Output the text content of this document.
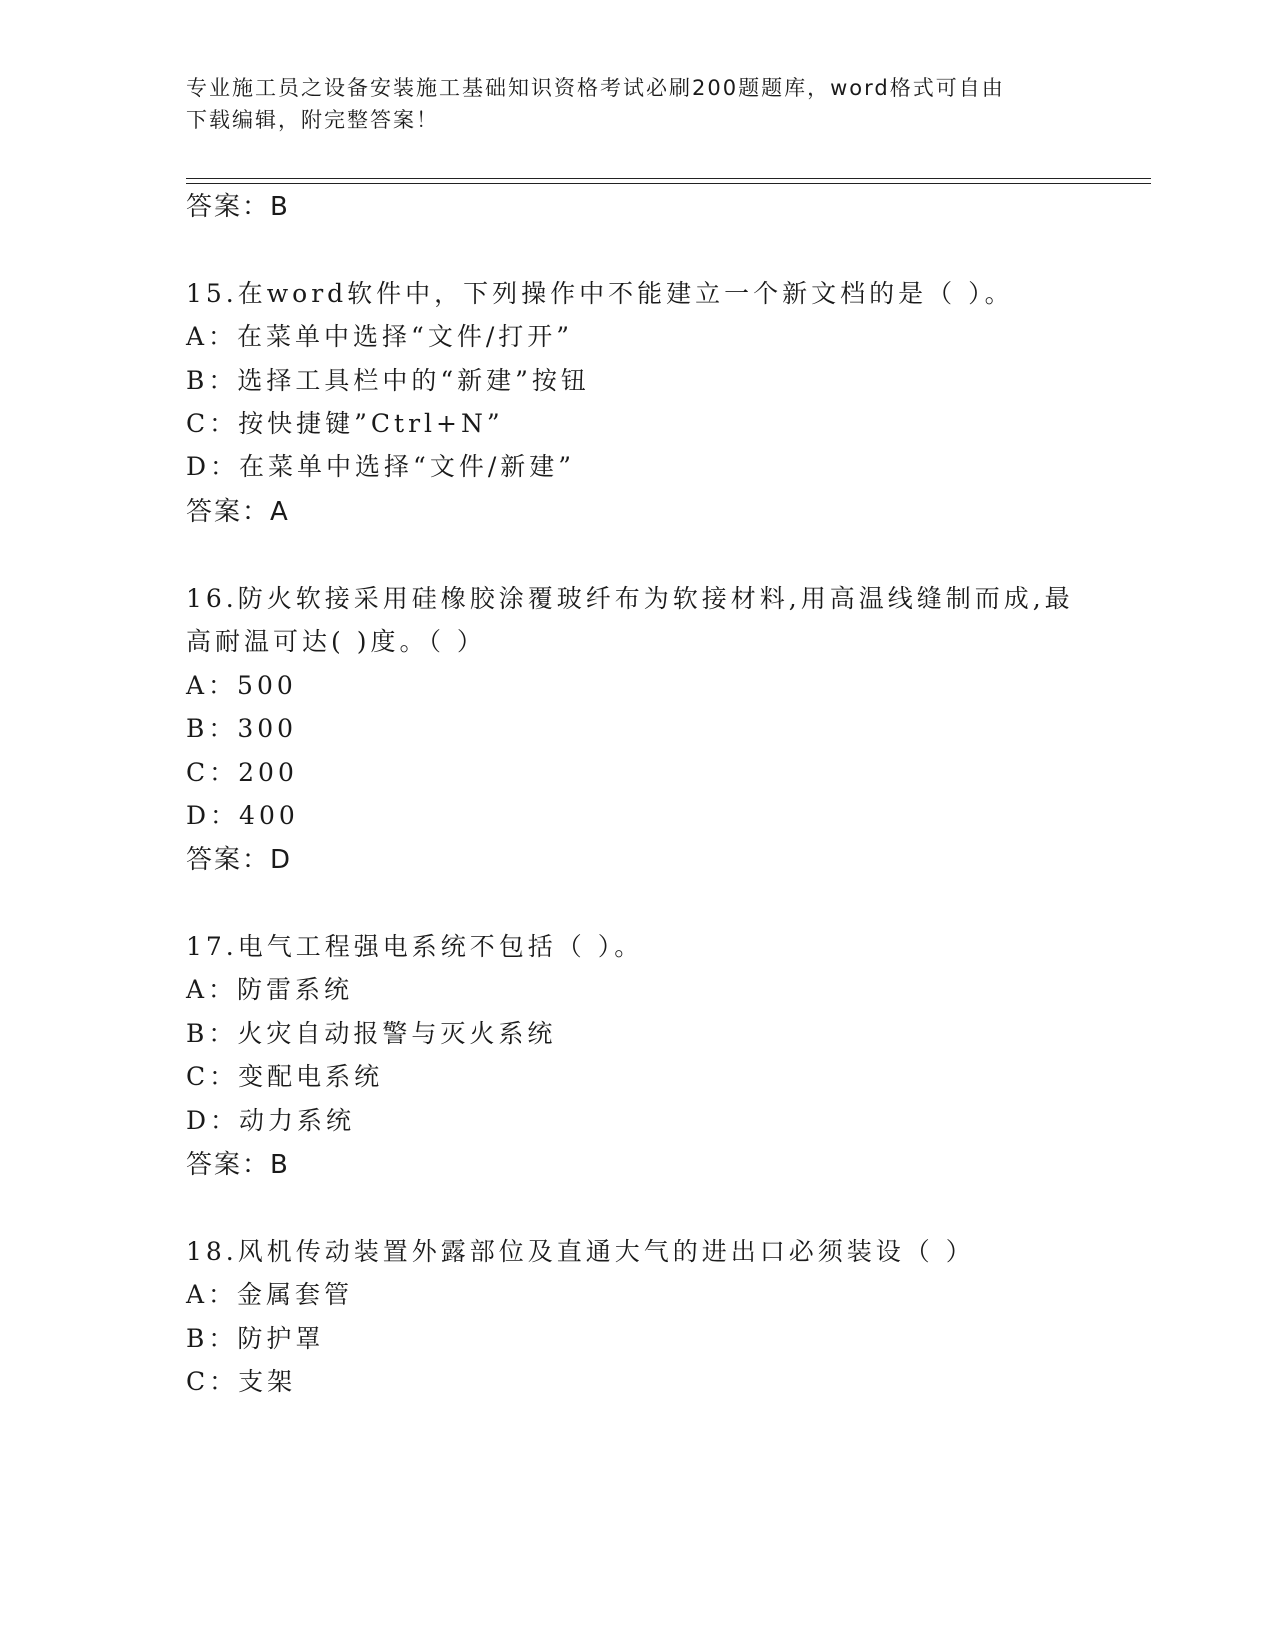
专业施工员之设备安装施工基础知识资格考试必刷200题题库，word格式可自由
下载编辑，附完整答案！
答案：B
15.在word软件中，下列操作中不能建立一个新文档的是（ ）。
A：在菜单中选择“文件/打开”
B：选择工具栏中的“新建”按钮
C：按快捷键”Ctrl+N”
D：在菜单中选择“文件/新建”
答案：A
16.防火软接采用硅橡胶涂覆玻纤布为软接材料,用高温线缝制而成,最
高耐温可达( )度。（ ）
A：500
B：300
C：200
D：400
答案：D
17.电气工程强电系统不包括（ ）。
A：防雷系统
B：火灾自动报警与灭火系统
C：变配电系统
D：动力系统
答案：B
18.风机传动装置外露部位及直通大气的进出口必须装设（ ）
A：金属套管
B：防护罩
C：支架
